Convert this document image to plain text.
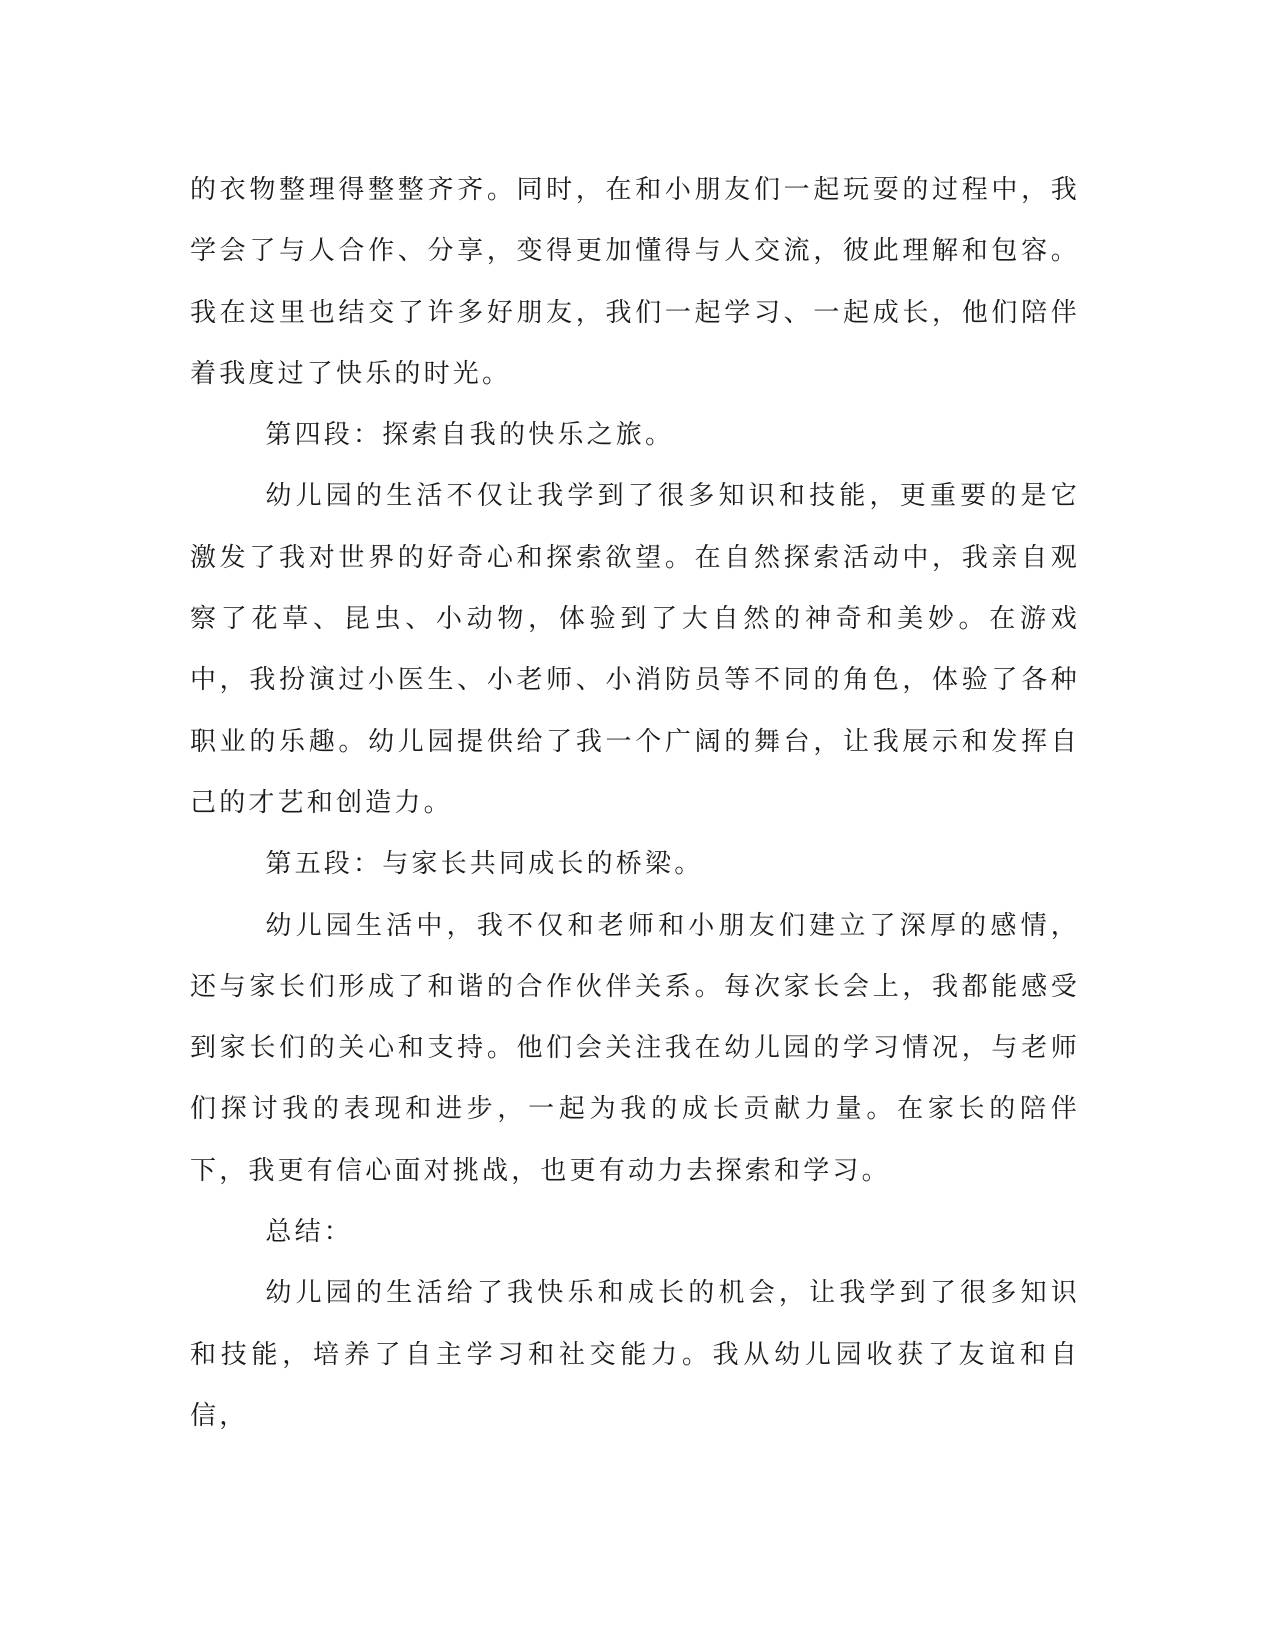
的衣物整理得整整齐齐。同时，在和小朋友们一起玩耍的过程中，我学会了与人合作、分享，变得更加懂得与人交流，彼此理解和包容。我在这里也结交了许多好朋友，我们一起学习、一起成长，他们陪伴着我度过了快乐的时光。

第四段：探索自我的快乐之旅。

幼儿园的生活不仅让我学到了很多知识和技能，更重要的是它激发了我对世界的好奇心和探索欲望。在自然探索活动中，我亲自观察了花草、昆虫、小动物，体验到了大自然的神奇和美妙。在游戏中，我扮演过小医生、小老师、小消防员等不同的角色，体验了各种职业的乐趣。幼儿园提供给了我一个广阔的舞台，让我展示和发挥自己的才艺和创造力。

第五段：与家长共同成长的桥梁。

幼儿园生活中，我不仅和老师和小朋友们建立了深厚的感情，还与家长们形成了和谐的合作伙伴关系。每次家长会上，我都能感受到家长们的关心和支持。他们会关注我在幼儿园的学习情况，与老师们探讨我的表现和进步，一起为我的成长贡献力量。在家长的陪伴下，我更有信心面对挑战，也更有动力去探索和学习。

总结：

幼儿园的生活给了我快乐和成长的机会，让我学到了很多知识和技能，培养了自主学习和社交能力。我从幼儿园收获了友谊和自信，
